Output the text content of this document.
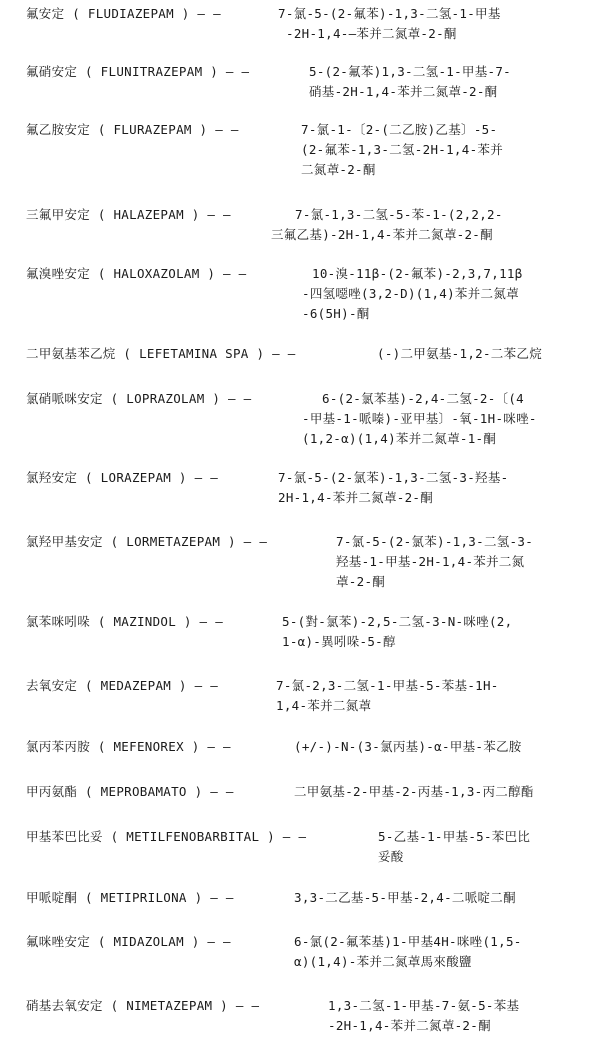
氟安定 ( FLUDIAZEPAM ) — —	7-氯-5-(2-氟苯)-1,3-二氢-1-甲基
-2H-1,4-—苯并二氮䓬-2-酮
氟硝安定 ( FLUNITRAZEPAM ) — —	5-(2-氟苯)1,3-二氢-1-甲基-7-
硝基-2H-1,4-苯并二氮䓬-2-酮
氟乙胺安定 ( FLURAZEPAM ) — —	7-氯-1-〔2-(二乙胺)乙基〕-5-
(2-氟苯-1,3-二氢-2H-1,4-苯并
二氮䓬-2-酮
三氟甲安定 ( HALAZEPAM ) — —	7-氯-1,3-二氢-5-苯-1-(2,2,2-
三氟乙基)-2H-1,4-苯并二氮䓬-2-酮
氟溴唑安定 ( HALOXAZOLAM ) — —	10-溴-11β-(2-氟苯)-2,3,7,11β
-四氢噁唑(3,2-D)(1,4)苯并二氮䓬
-6(5H)-酮
二甲氨基苯乙烷 ( LEFETAMINA SPA ) — —	(-)二甲氨基-1,2-二苯乙烷
氯硝哌咪安定 ( LOPRAZOLAM ) — —	6-(2-氯苯基)-2,4-二氢-2-〔(4
-甲基-1-哌嗪)-亚甲基〕-氧-1H-咪唑-
(1,2-α)(1,4)苯并二氮䓬-1-酮
氯羟安定 ( LORAZEPAM ) — —	7-氯-5-(2-氯苯)-1,3-二氢-3-羟基-
2H-1,4-苯并二氮䓬-2-酮
氯羟甲基安定 ( LORMETAZEPAM ) — —	7-氯-5-(2-氯苯)-1,3-二氢-3-
羟基-1-甲基-2H-1,4-苯并二氮
䓬-2-酮
氯苯咪吲哚 ( MAZINDOL ) — —	5-(對-氯苯)-2,5-二氢-3-N-咪唑(2,
1-α)-異吲哚-5-醇
去氧安定 ( MEDAZEPAM ) — —	7-氯-2,3-二氢-1-甲基-5-苯基-1H-
1,4-苯并二氮䓬
氯丙苯丙胺 ( MEFENOREX ) — —	(+/-)-N-(3-氯丙基)-α-甲基-苯乙胺
甲丙氨酯 ( MEPROBAMATO ) — —	二甲氨基-2-甲基-2-丙基-1,3-丙二醇酯
甲基苯巴比妥 ( METILFENOBARBITAL ) — —	5-乙基-1-甲基-5-苯巴比
妥酸
甲哌啶酮 ( METIPRILONA ) — —	3,3-二乙基-5-甲基-2,4-二哌啶二酮
氟咪唑安定 ( MIDAZOLAM ) — —	6-氯(2-氟苯基)1-甲基4H-咪唑(1,5-
α)(1,4)-苯并二氮䓬馬來酸鹽
硝基去氧安定 ( NIMETAZEPAM ) — —	1,3-二氢-1-甲基-7-氨-5-苯基
-2H-1,4-苯并二氮䓬-2-酮
